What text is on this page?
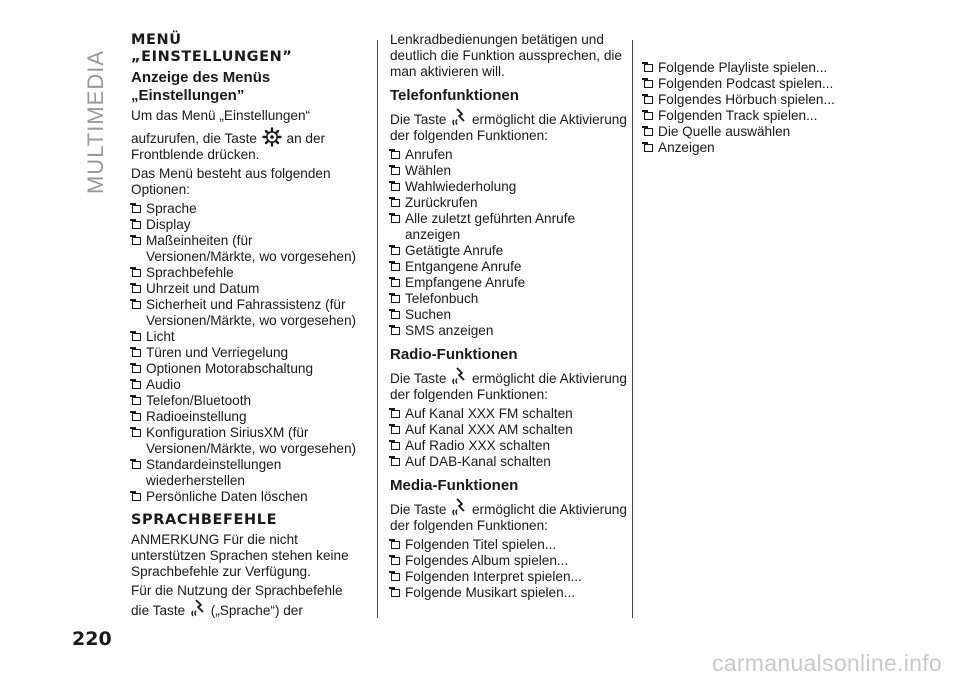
MULTIMEDIA
MENÜ
„EINSTELLUNGEN”
Anzeige des Menüs „Einstellungen”

Um das Menü „Einstellungen“

aufzurufen, die Taste an der
Frontblende drücken.

Das Menü besteht aus folgenden Optionen:

Sprache
Display
Maßeinheiten (für Versionen/Märkte, wo vorgesehen)
Sprachbefehle
Uhrzeit und Datum
Sicherheit und Fahrassistenz (für Versionen/Märkte, wo vorgesehen)
Licht
Türen und Verriegelung
Optionen Motorabschaltung
Audio
Telefon/Bluetooth
Radioeinstellung
Konfiguration SiriusXM (für Versionen/Märkte, wo vorgesehen)
Standardeinstellungen wiederherstellen
Persönliche Daten löschen
SPRACHBEFEHLE

ANMERKUNG Für die nicht unterstützen Sprachen stehen keine Sprachbefehle zur Verfügung.

Für die Nutzung der Sprachbefehle

die Taste („Sprache“) der

Lenkradbedienungen betätigen und deutlich die Funktion aussprechen, die man aktivieren will.

Telefonfunktionen

Die Taste ermöglicht die Aktivierung
der folgenden Funktionen:

Anrufen
Wählen
Wahlwiederholung
Zurückrufen
Alle zuletzt geführten Anrufe anzeigen
Getätigte Anrufe
Entgangene Anrufe
Empfangene Anrufe
Telefonbuch
Suchen
SMS anzeigen
Radio-Funktionen

Die Taste ermöglicht die Aktivierung
der folgenden Funktionen:

Auf Kanal XXX FM schalten
Auf Kanal XXX AM schalten
Auf Radio XXX schalten
Auf DAB-Kanal schalten
Media-Funktionen

Die Taste ermöglicht die Aktivierung
der folgenden Funktionen:

Folgenden Titel spielen...
Folgendes Album spielen...
Folgenden Interpret spielen...
Folgende Musikart spielen...
Folgende Playliste spielen...
Folgenden Podcast spielen...
Folgendes Hörbuch spielen...
Folgenden Track spielen...
Die Quelle auswählen
Anzeigen
220
carmanualsonline.info
